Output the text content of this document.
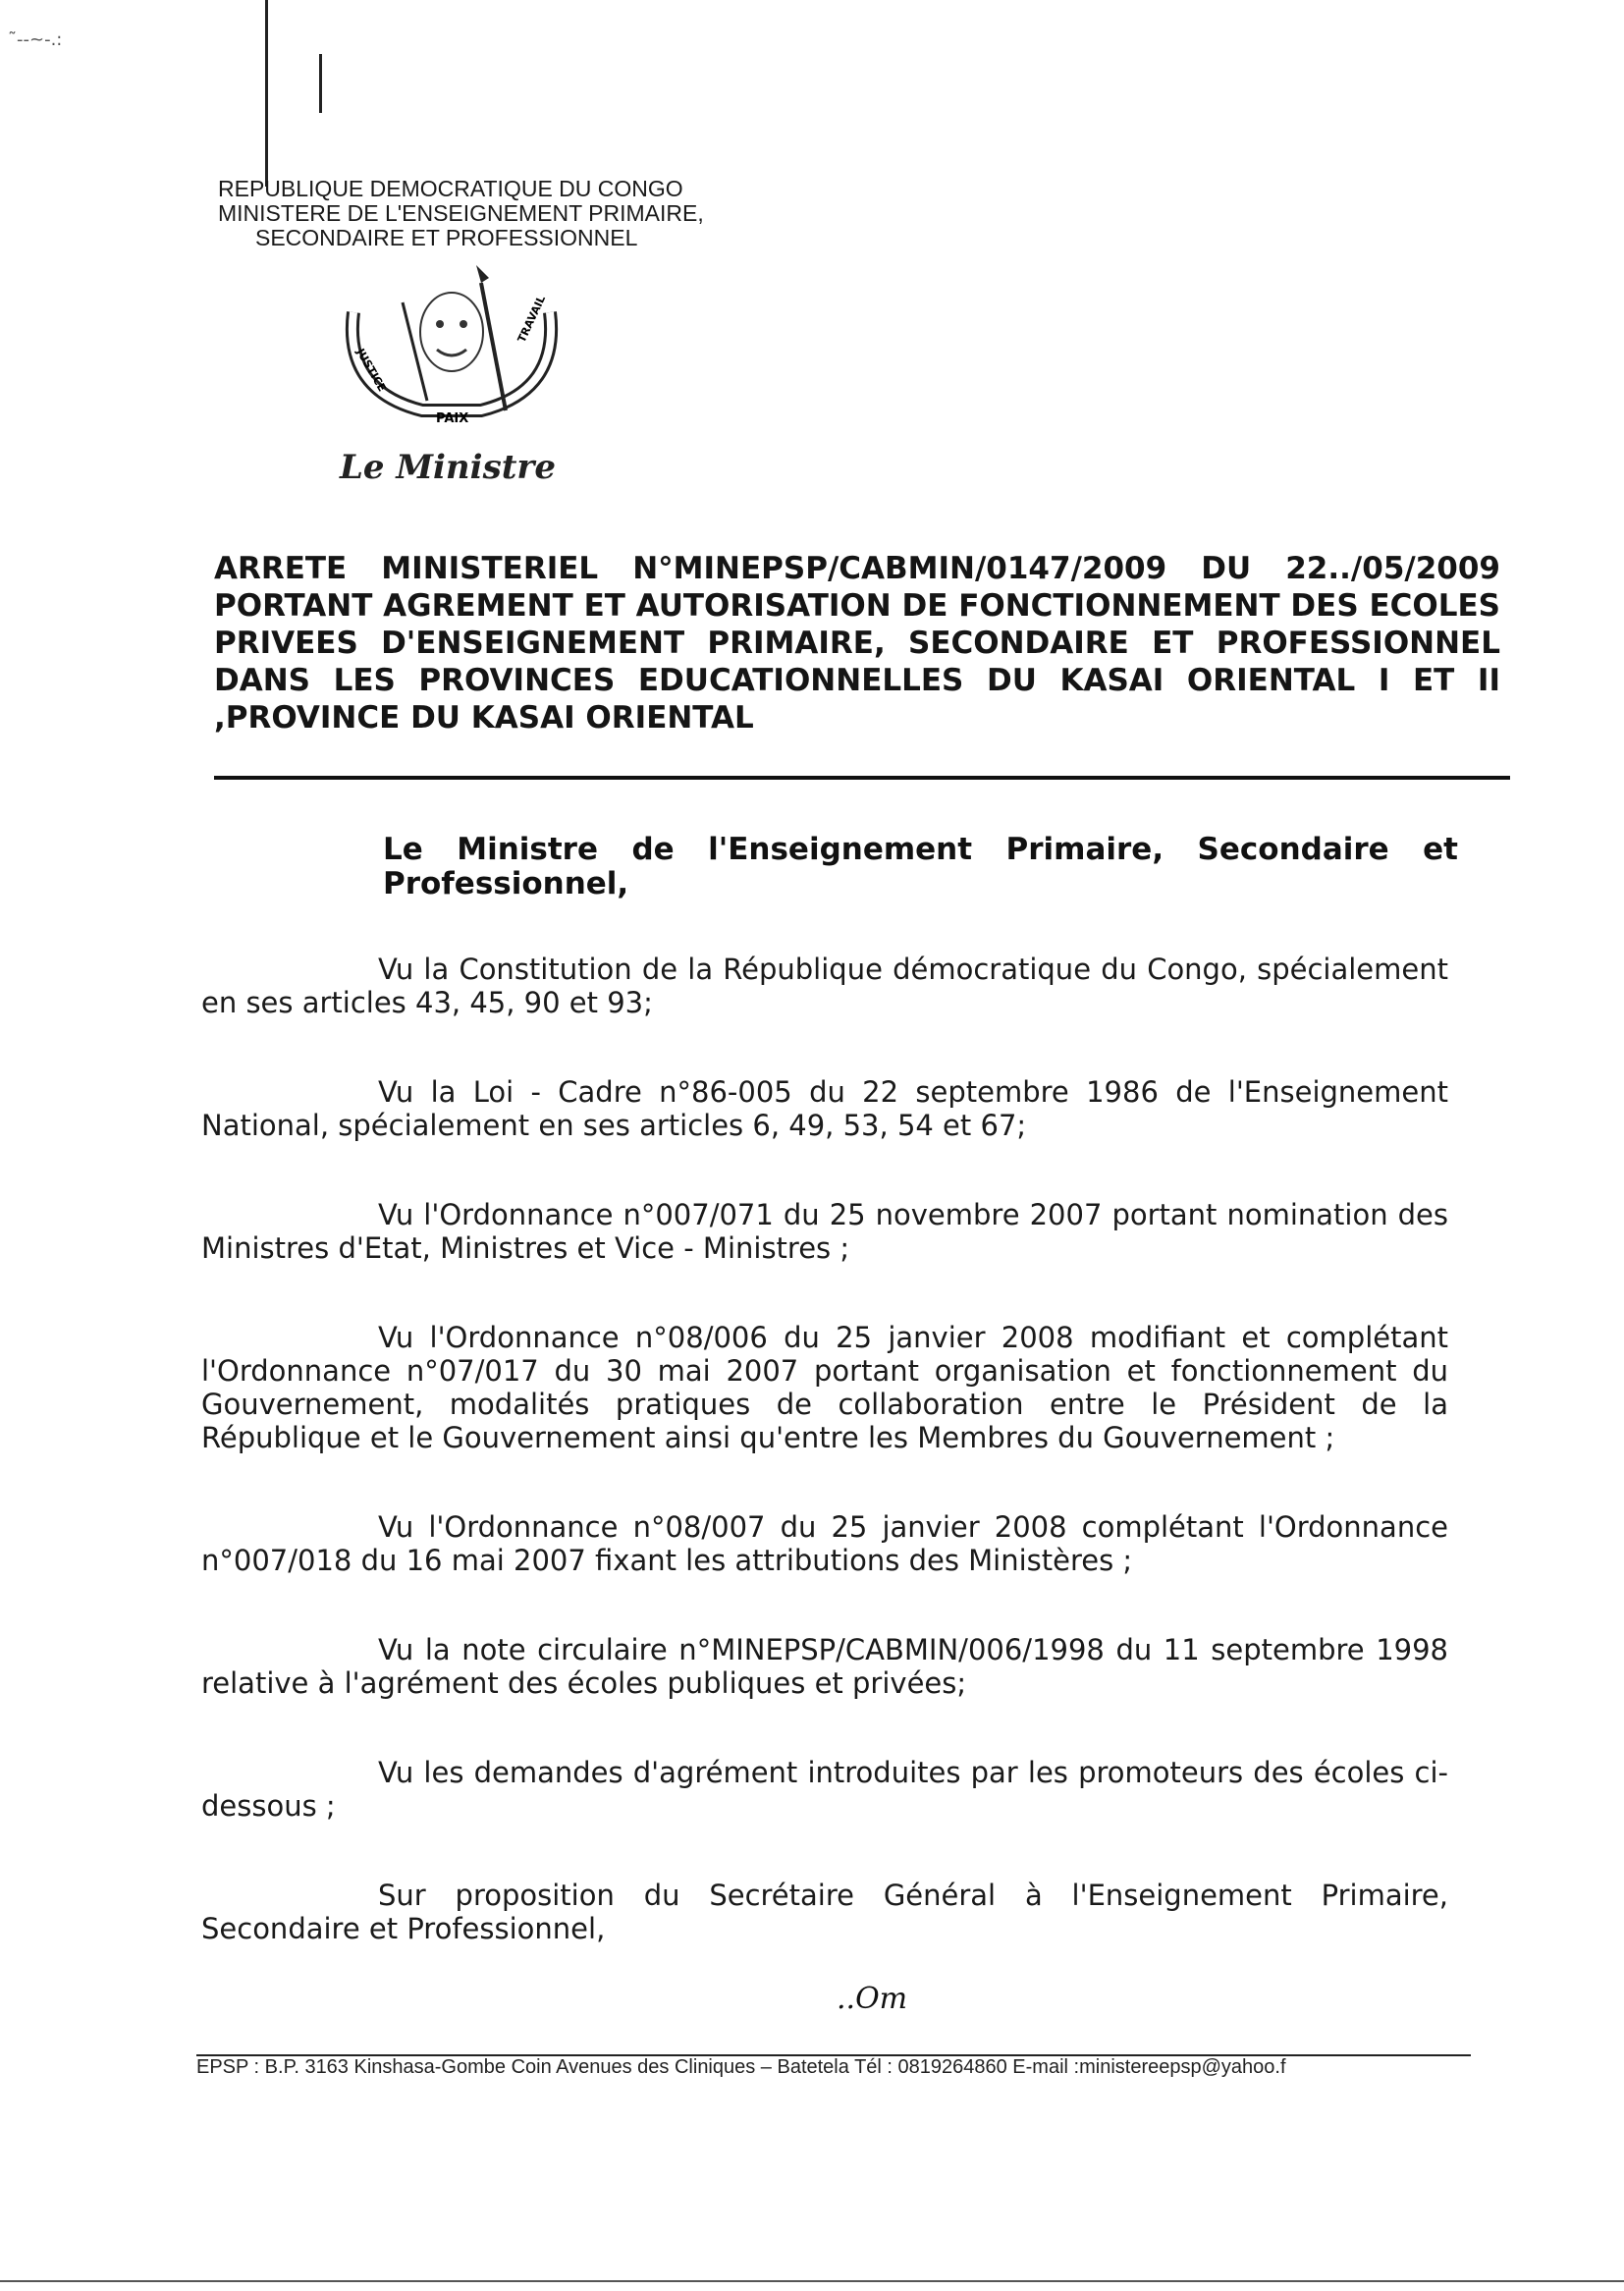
˜‐‐~‐.:
REPUBLIQUE DEMOCRATIQUE DU CONGO
MINISTERE DE L'ENSEIGNEMENT PRIMAIRE,
SECONDAIRE ET PROFESSIONNEL
JUSTICE
PAIX
TRAVAIL
Le Ministre
ARRETE MINISTERIEL N°MINEPSP/CABMIN/0147/2009 DU 22../05/2009 PORTANT AGREMENT ET AUTORISATION DE FONCTIONNEMENT DES ECOLES PRIVEES D'ENSEIGNEMENT PRIMAIRE, SECONDAIRE ET PROFESSIONNEL DANS LES PROVINCES EDUCATIONNELLES DU KASAI ORIENTAL I ET II ,PROVINCE DU KASAI ORIENTAL
Le Ministre de l'Enseignement Primaire, Secondaire et Professionnel,

Vu la Constitution de la République démocratique du Congo, spécialement en ses articles 43, 45, 90 et 93;

Vu la Loi - Cadre n°86-005 du 22 septembre 1986 de l'Enseignement National, spécialement en ses articles 6, 49, 53, 54 et 67;

Vu l'Ordonnance n°007/071 du 25 novembre 2007 portant nomination des Ministres d'Etat, Ministres et Vice - Ministres ;

Vu l'Ordonnance n°08/006 du 25 janvier 2008 modifiant et complétant l'Ordonnance n°07/017 du 30 mai 2007 portant organisation et fonctionnement du Gouvernement, modalités pratiques de collaboration entre le Président de la République et le Gouvernement ainsi qu'entre les Membres du Gouvernement ;

Vu l'Ordonnance n°08/007 du 25 janvier 2008 complétant l'Ordonnance n°007/018 du 16 mai 2007 fixant les attributions des Ministères ;

Vu la note circulaire n°MINEPSP/CABMIN/006/1998 du 11 septembre 1998 relative à l'agrément des écoles publiques et privées;

Vu les demandes d'agrément introduites par les promoteurs des écoles ci-dessous ;

Sur proposition du Secrétaire Général à l'Enseignement Primaire, Secondaire et Professionnel,

..Om
EPSP : B.P. 3163 Kinshasa-Gombe Coin Avenues des Cliniques – Batetela Tél : 0819264860 E-mail :ministereepsp@yahoo.f
